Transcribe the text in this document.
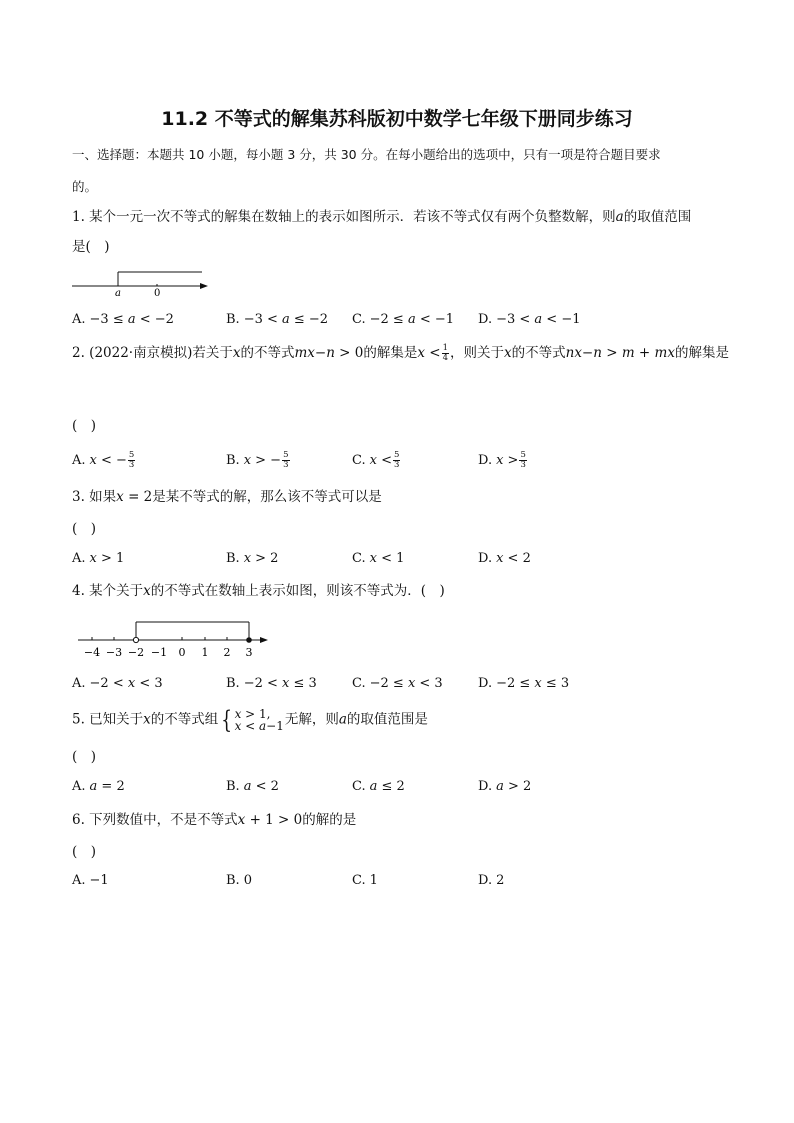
11.2 不等式的解集苏科版初中数学七年级下册同步练习
一、选择题：本题共 10 小题，每小题 3 分，共 30 分。在每小题给出的选项中，只有一项是符合题目要求
的。
1. 某个一元一次不等式的解集在数轴上的表示如图所示．若该不等式仅有两个负整数解，则𝑎的取值范围
是(　)
𝑎	0
A. −3 ≤ 𝑎 < −2	B. −3 < 𝑎 ≤ −2 C. −2 ≤ 𝑎 < −1 D. −3 < 𝑎 < −1
2. (2022·南京模拟)若关于𝑥的不等式𝑚𝑥−𝑛 > 0的解集是𝑥 < $\frac{1}{4}$ ，则关于𝑥的不等式𝑛𝑥−𝑛 > 𝑚 + 𝑚𝑥的解集是
(　)
A. 𝑥 < − $\frac{5}{3}$	B. 𝑥 > − $\frac{5}{3}$	C. 𝑥 < $\frac{5}{3}$	D. 𝑥 > $\frac{5}{3}$
3. 如果𝑥 = 2是某不等式的解，那么该不等式可以是
(　)
A. 𝑥 > 1	B. 𝑥 > 2	C. 𝑥 < 1	D. 𝑥 < 2
4. 某个关于𝑥的不等式在数轴上表示如图，则该不等式为．(　)
−4 −3 −2 −1 0 1 2 3
A. −2 < 𝑥 < 3	B. −2 < 𝑥 ≤ 3	C. −2 ≤ 𝑥 < 3	D. −2 ≤ 𝑥 ≤ 3
5. 已知关于𝑥的不等式组 { 𝑥 > 1,
𝑥 < 𝑎−1 无解，则𝑎的取值范围是
(　)
A. 𝑎 = 2	B. 𝑎 < 2	C. 𝑎 ≤ 2	D. 𝑎 > 2
6. 下列数值中，不是不等式𝑥 + 1 > 0的解的是
(　)
A. −1	B. 0	C. 1	D. 2
